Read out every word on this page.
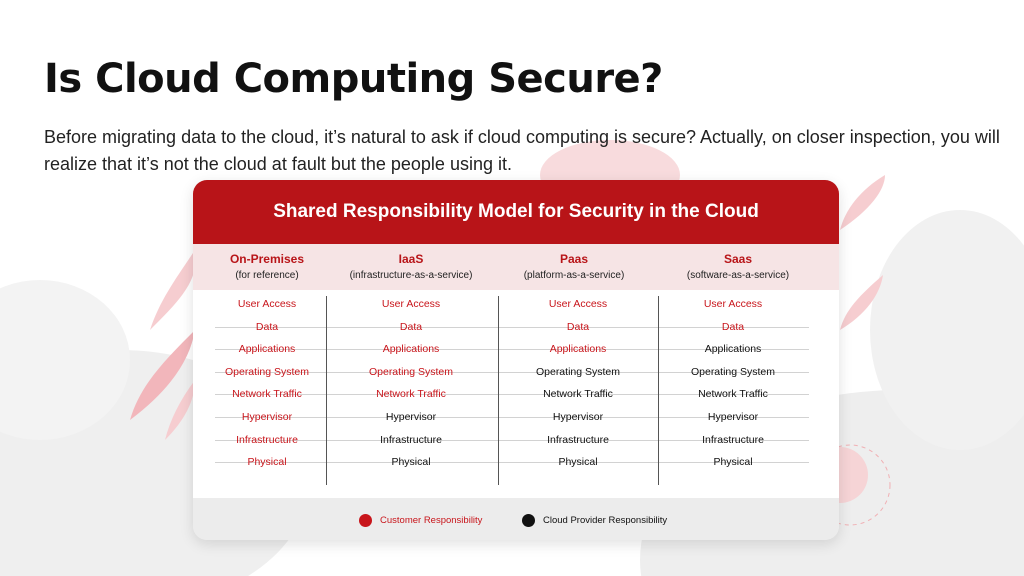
Is Cloud Computing Secure?
Before migrating data to the cloud, it’s natural to ask if cloud computing is secure? Actually, on closer inspection, you will realize that it’s not the cloud at fault but the people using it.
Shared Responsibility Model for Security in the Cloud
On-Premises
(for reference)
IaaS
(infrastructure-as-a-service)
Paas
(platform-as-a-service)
Saas
(software-as-a-service)
User Access
Data
Applications
Operating System
Network Traffic
Hypervisor
Infrastructure
Physical
User Access
Data
Applications
Operating System
Network Traffic
Hypervisor
Infrastructure
Physical
User Access
Data
Applications
Operating System
Network Traffic
Hypervisor
Infrastructure
Physical
User Access
Data
Applications
Operating System
Network Traffic
Hypervisor
Infrastructure
Physical
Customer Responsibility	Cloud Provider Responsibility
